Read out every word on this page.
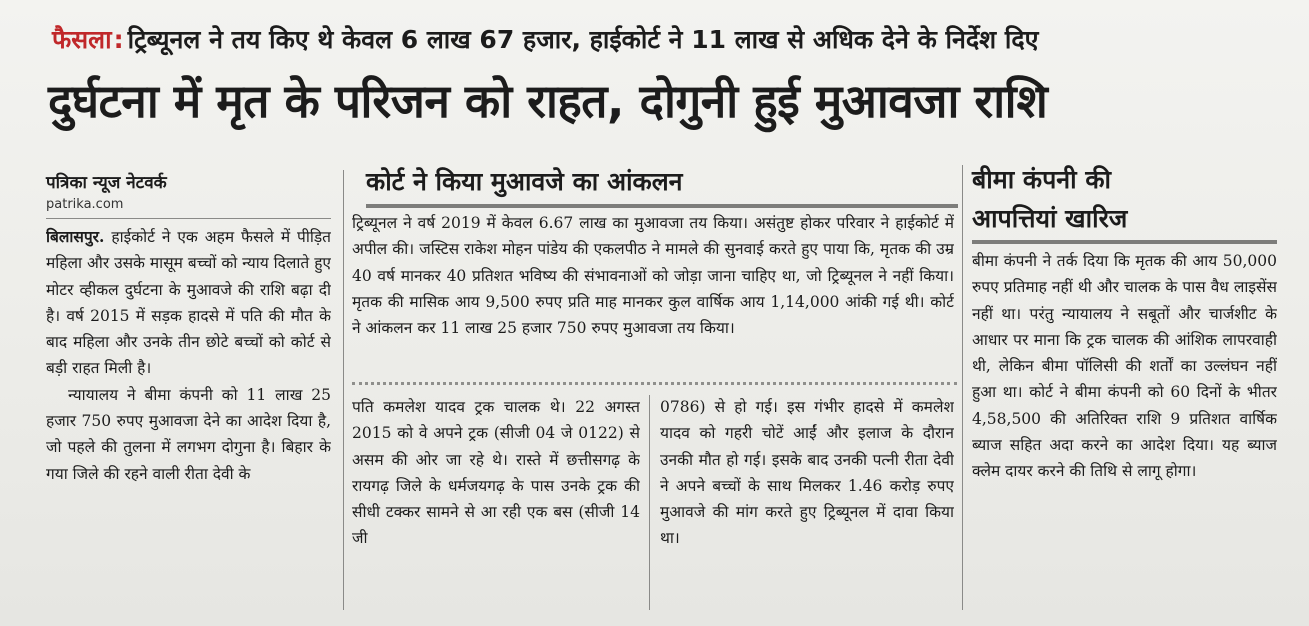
फैसला: ट्रिब्यूनल ने तय किए थे केवल 6 लाख 67 हजार, हाईकोर्ट ने 11 लाख से अधिक देने के निर्देश दिए
दुर्घटना में मृत के परिजन को राहत, दोगुनी हुई मुआवजा राशि
पत्रिका न्यूज नेटवर्क
patrika.com

बिलासपुर. हाईकोर्ट ने एक अहम फैसले में पीड़ित महिला और उसके मासूम बच्चों को न्याय दिलाते हुए मोटर व्हीकल दुर्घटना के मुआवजे की राशि बढ़ा दी है। वर्ष 2015 में सड़क हादसे में पति की मौत के बाद महिला और उनके तीन छोटे बच्चों को कोर्ट से बड़ी राहत मिली है।

न्यायालय ने बीमा कंपनी को 11 लाख 25 हजार 750 रुपए मुआवजा देने का आदेश दिया है, जो पहले की तुलना में लगभग दोगुना है। बिहार के गया जिले की रहने वाली रीता देवी के

कोर्ट ने किया मुआवजे का आंकलन
ट्रिब्यूनल ने वर्ष 2019 में केवल 6.67 लाख का मुआवजा तय किया। असंतुष्ट होकर परिवार ने हाईकोर्ट में अपील की। जस्टिस राकेश मोहन पांडेय की एकलपीठ ने मामले की सुनवाई करते हुए पाया कि, मृतक की उम्र 40 वर्ष मानकर 40 प्रतिशत भविष्य की संभावनाओं को जोड़ा जाना चाहिए था, जो ट्रिब्यूनल ने नहीं किया। मृतक की मासिक आय 9,500 रुपए प्रति माह मानकर कुल वार्षिक आय 1,14,000 आंकी गई थी। कोर्ट ने आंकलन कर 11 लाख 25 हजार 750 रुपए मुआवजा तय किया।
पति कमलेश यादव ट्रक चालक थे। 22 अगस्त 2015 को वे अपने ट्रक (सीजी 04 जे 0122) से असम की ओर जा रहे थे। रास्ते में छत्तीसगढ़ के रायगढ़ जिले के धर्मजयगढ़ के पास उनके ट्रक की सीधी टक्कर सामने से आ रही एक बस (सीजी 14 जी
0786) से हो गई। इस गंभीर हादसे में कमलेश यादव को गहरी चोटें आईं और इलाज के दौरान उनकी मौत हो गई। इसके बाद उनकी पत्नी रीता देवी ने अपने बच्चों के साथ मिलकर 1.46 करोड़ रुपए मुआवजे की मांग करते हुए ट्रिब्यूनल में दावा किया था।
बीमा कंपनी की
आपत्तियां खारिज
बीमा कंपनी ने तर्क दिया कि मृतक की आय 50,000 रुपए प्रतिमाह नहीं थी और चालक के पास वैध लाइसेंस नहीं था। परंतु न्यायालय ने सबूतों और चार्जशीट के आधार पर माना कि ट्रक चालक की आंशिक लापरवाही थी, लेकिन बीमा पॉलिसी की शर्तों का उल्लंघन नहीं हुआ था। कोर्ट ने बीमा कंपनी को 60 दिनों के भीतर 4,58,500 की अतिरिक्त राशि 9 प्रतिशत वार्षिक ब्याज सहित अदा करने का आदेश दिया। यह ब्याज क्लेम दायर करने की तिथि से लागू होगा।
